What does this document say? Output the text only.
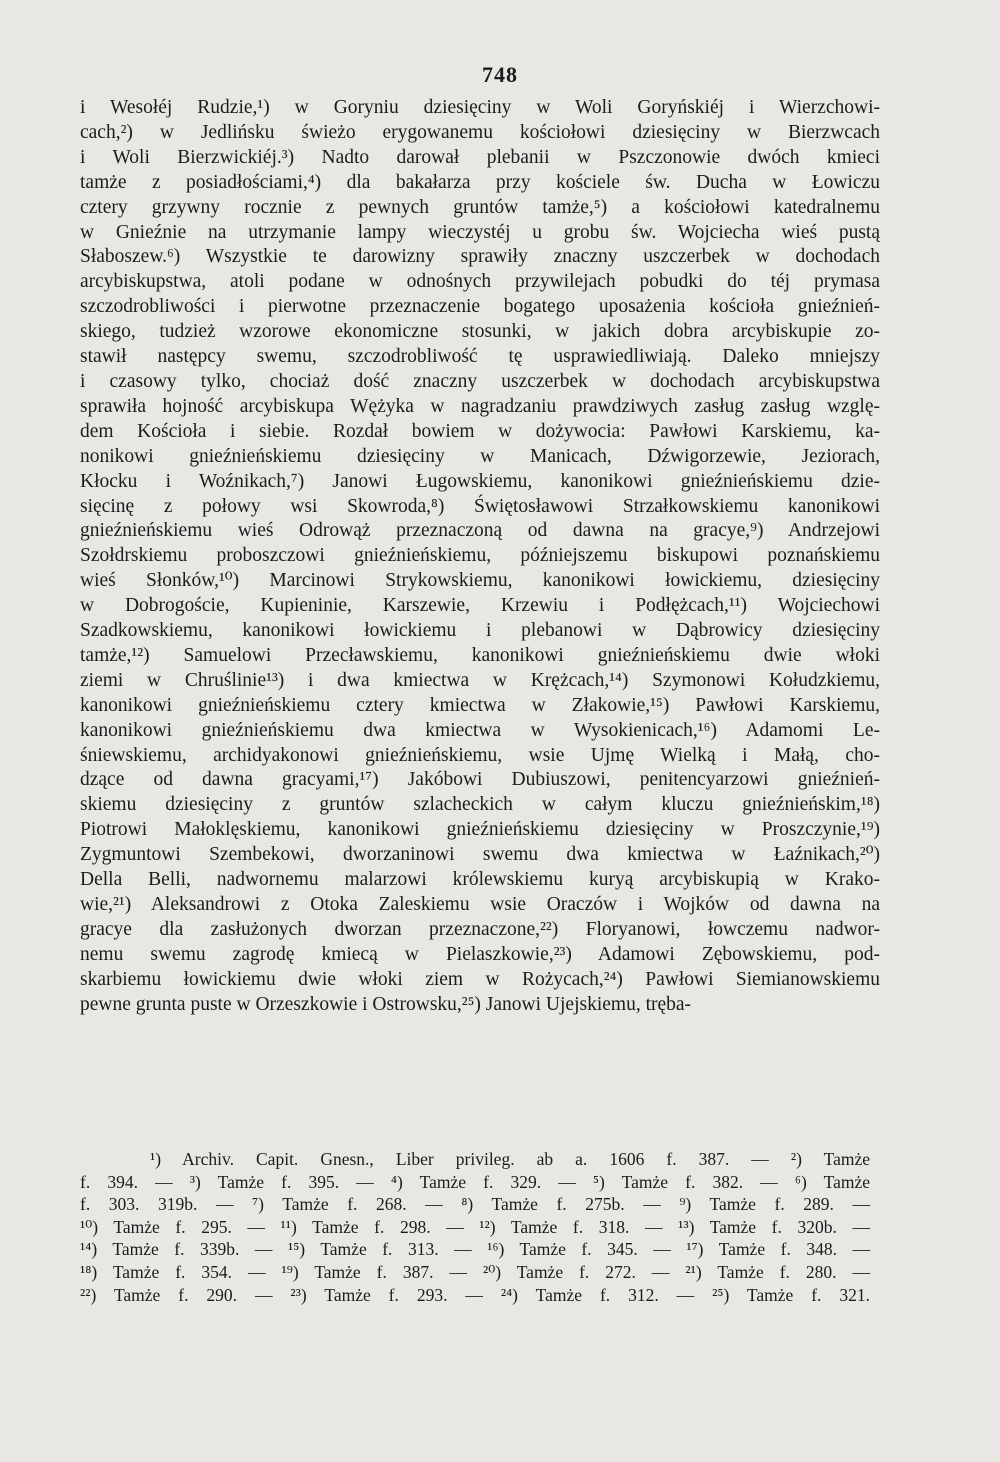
748
i Wesołéj Rudzie,¹) w Goryniu dziesięciny w Woli Goryńskiéj i Wierzchowi-
cach,²) w Jedlińsku świeżo erygowanemu kościołowi dziesięciny w Bierzwcach
i Woli Bierzwickiéj.³) Nadto darował plebanii w Pszczonowie dwóch kmieci
tamże z posiadłościami,⁴) dla bakałarza przy kościele św. Ducha w Łowiczu
cztery grzywny rocznie z pewnych gruntów tamże,⁵) a kościołowi katedralnemu
w Gnieźnie na utrzymanie lampy wieczystéj u grobu św. Wojciecha wieś pustą
Słaboszew.⁶) Wszystkie te darowizny sprawiły znaczny uszczerbek w dochodach
arcybiskupstwa, atoli podane w odnośnych przywilejach pobudki do téj prymasa
szczodrobliwości i pierwotne przeznaczenie bogatego uposażenia kościoła gnieźnień-
skiego, tudzież wzorowe ekonomiczne stosunki, w jakich dobra arcybiskupie zo-
stawił następcy swemu, szczodrobliwość tę usprawiedliwiają. Daleko mniejszy
i czasowy tylko, chociaż dość znaczny uszczerbek w dochodach arcybiskupstwa
sprawiła hojność arcybiskupa Wężyka w nagradzaniu prawdziwych zasług zasług wzglę-
dem Kościoła i siebie. Rozdał bowiem w dożywocia: Pawłowi Karskiemu, ka-
nonikowi gnieźnieńskiemu dziesięciny w Manicach, Dźwigorzewie, Jeziorach,
Kłocku i Woźnikach,⁷) Janowi Ługowskiemu, kanonikowi gnieźnieńskiemu dzie-
sięcinę z połowy wsi Skowroda,⁸) Świętosławowi Strzałkowskiemu kanonikowi
gnieźnieńskiemu wieś Odrowąż przeznaczoną od dawna na gracye,⁹) Andrzejowi
Szołdrskiemu proboszczowi gnieźnieńskiemu, późniejszemu biskupowi poznańskiemu
wieś Słonków,¹⁰) Marcinowi Strykowskiemu, kanonikowi łowickiemu, dziesięciny
w Dobrogoście, Kupieninie, Karszewie, Krzewiu i Podłężcach,¹¹) Wojciechowi
Szadkowskiemu, kanonikowi łowickiemu i plebanowi w Dąbrowicy dziesięciny
tamże,¹²) Samuelowi Przecławskiemu, kanonikowi gnieźnieńskiemu dwie włoki
ziemi w Chruślinie¹³) i dwa kmiectwa w Krężcach,¹⁴) Szymonowi Kołudzkiemu,
kanonikowi gnieźnieńskiemu cztery kmiectwa w Złakowie,¹⁵) Pawłowi Karskiemu,
kanonikowi gnieźnieńskiemu dwa kmiectwa w Wysokienicach,¹⁶) Adamomi Le-
śniewskiemu, archidyakonowi gnieźnieńskiemu, wsie Ujmę Wielką i Małą, cho-
dzące od dawna gracyami,¹⁷) Jakóbowi Dubiuszowi, penitencyarzowi gnieźnień-
skiemu dziesięciny z gruntów szlacheckich w całym kluczu gnieźnieńskim,¹⁸)
Piotrowi Małoklęskiemu, kanonikowi gnieźnieńskiemu dziesięciny w Proszczynie,¹⁹)
Zygmuntowi Szembekowi, dworzaninowi swemu dwa kmiectwa w Łaźnikach,²⁰)
Della Belli, nadwornemu malarzowi królewskiemu kuryą arcybiskupią w Krako-
wie,²¹) Aleksandrowi z Otoka Zaleskiemu wsie Oraczów i Wojków od dawna na
gracye dla zasłużonych dworzan przeznaczone,²²) Floryanowi, łowczemu nadwor-
nemu swemu zagrodę kmiecą w Pielaszkowie,²³) Adamowi Zębowskiemu, pod-
skarbiemu łowickiemu dwie włoki ziem w Rożycach,²⁴) Pawłowi Siemianowskiemu
pewne grunta puste w Orzeszkowie i Ostrowsku,²⁵) Janowi Ujejskiemu, tręba-
¹) Archiv. Capit. Gnesn., Liber privileg. ab a. 1606 f. 387. — ²) Tamże
f. 394. — ³) Tamże f. 395. — ⁴) Tamże f. 329. — ⁵) Tamże f. 382. — ⁶) Tamże
f. 303. 319b. — ⁷) Tamże f. 268. — ⁸) Tamże f. 275b. — ⁹) Tamże f. 289. —
¹⁰) Tamże f. 295. — ¹¹) Tamże f. 298. — ¹²) Tamże f. 318. — ¹³) Tamże f. 320b. —
¹⁴) Tamże f. 339b. — ¹⁵) Tamże f. 313. — ¹⁶) Tamże f. 345. — ¹⁷) Tamże f. 348. —
¹⁸) Tamże f. 354. — ¹⁹) Tamże f. 387. — ²⁰) Tamże f. 272. — ²¹) Tamże f. 280. —
²²) Tamże f. 290. — ²³) Tamże f. 293. — ²⁴) Tamże f. 312. — ²⁵) Tamże f. 321.
